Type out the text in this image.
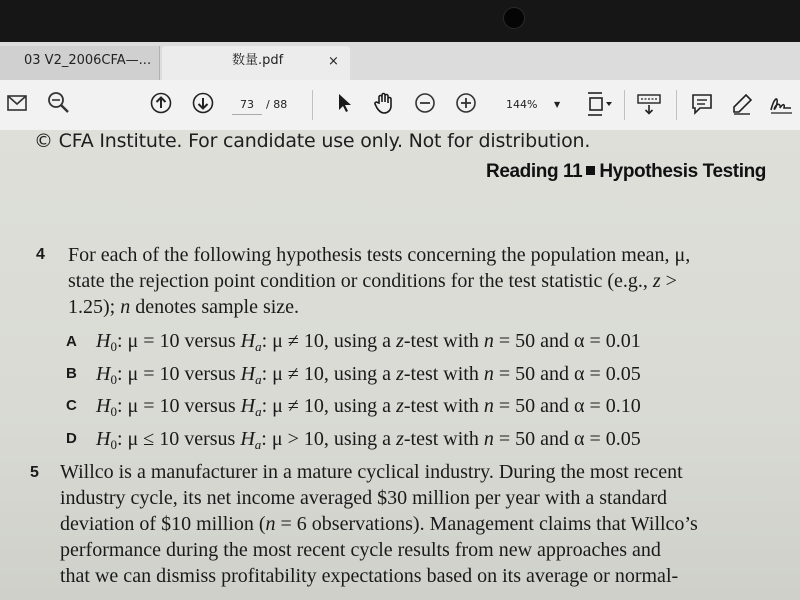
03 V2_2006CFA—...	数量.pdf	×
73	/ 88	144% ▼
© CFA Institute. For candidate use only. Not for distribution.
Reading 11 Hypothesis Testing
4 For each of the following hypothesis tests concerning the population mean, μ,
state the rejection point condition or conditions for the test statistic (e.g., z >
1.25); n denotes sample size.
A $H_0$: μ = 10 versus $H_a$: μ ≠ 10, using a z-test with n = 50 and α = 0.01
B $H_0$: μ = 10 versus $H_a$: μ ≠ 10, using a z-test with n = 50 and α = 0.05
C $H_0$: μ = 10 versus $H_a$: μ ≠ 10, using a z-test with n = 50 and α = 0.10
D $H_0$: μ ≤ 10 versus $H_a$: μ > 10, using a z-test with n = 50 and α = 0.05
5 Willco is a manufacturer in a mature cyclical industry. During the most recent
industry cycle, its net income averaged $30 million per year with a standard
deviation of $10 million (n = 6 observations). Management claims that Willco’s
performance during the most recent cycle results from new approaches and
that we can dismiss profitability expectations based on its average or normal-
